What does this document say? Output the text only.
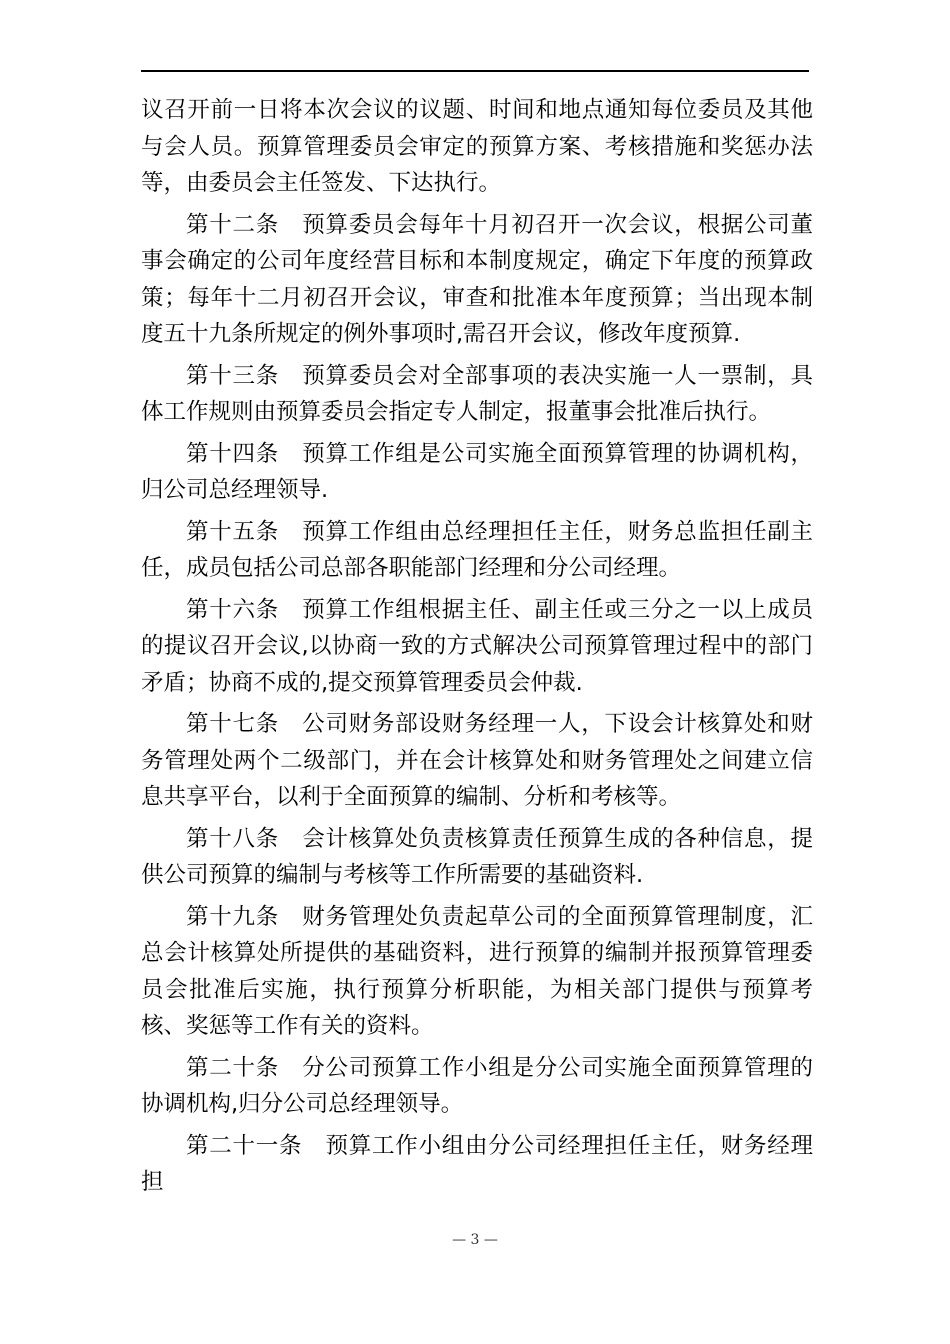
议召开前一日将本次会议的议题、时间和地点通知每位委员及其他与会人员。预算管理委员会审定的预算方案、考核措施和奖惩办法等，由委员会主任签发、下达执行。

第十二条　预算委员会每年十月初召开一次会议，根据公司董事会确定的公司年度经营目标和本制度规定，确定下年度的预算政策；每年十二月初召开会议，审查和批准本年度预算；当出现本制度五十九条所规定的例外事项时,需召开会议，修改年度预算.

第十三条　预算委员会对全部事项的表决实施一人一票制，具体工作规则由预算委员会指定专人制定，报董事会批准后执行。

第十四条　预算工作组是公司实施全面预算管理的协调机构，归公司总经理领导.

第十五条　预算工作组由总经理担任主任，财务总监担任副主任，成员包括公司总部各职能部门经理和分公司经理。

第十六条　预算工作组根据主任、副主任或三分之一以上成员的提议召开会议,以协商一致的方式解决公司预算管理过程中的部门矛盾；协商不成的,提交预算管理委员会仲裁.

第十七条　公司财务部设财务经理一人，下设会计核算处和财务管理处两个二级部门，并在会计核算处和财务管理处之间建立信息共享平台，以利于全面预算的编制、分析和考核等。

第十八条　会计核算处负责核算责任预算生成的各种信息，提供公司预算的编制与考核等工作所需要的基础资料.

第十九条　财务管理处负责起草公司的全面预算管理制度，汇总会计核算处所提供的基础资料，进行预算的编制并报预算管理委员会批准后实施，执行预算分析职能，为相关部门提供与预算考核、奖惩等工作有关的资料。

第二十条　分公司预算工作小组是分公司实施全面预算管理的协调机构,归分公司总经理领导。

第二十一条　预算工作小组由分公司经理担任主任，财务经理担

— 3 —
